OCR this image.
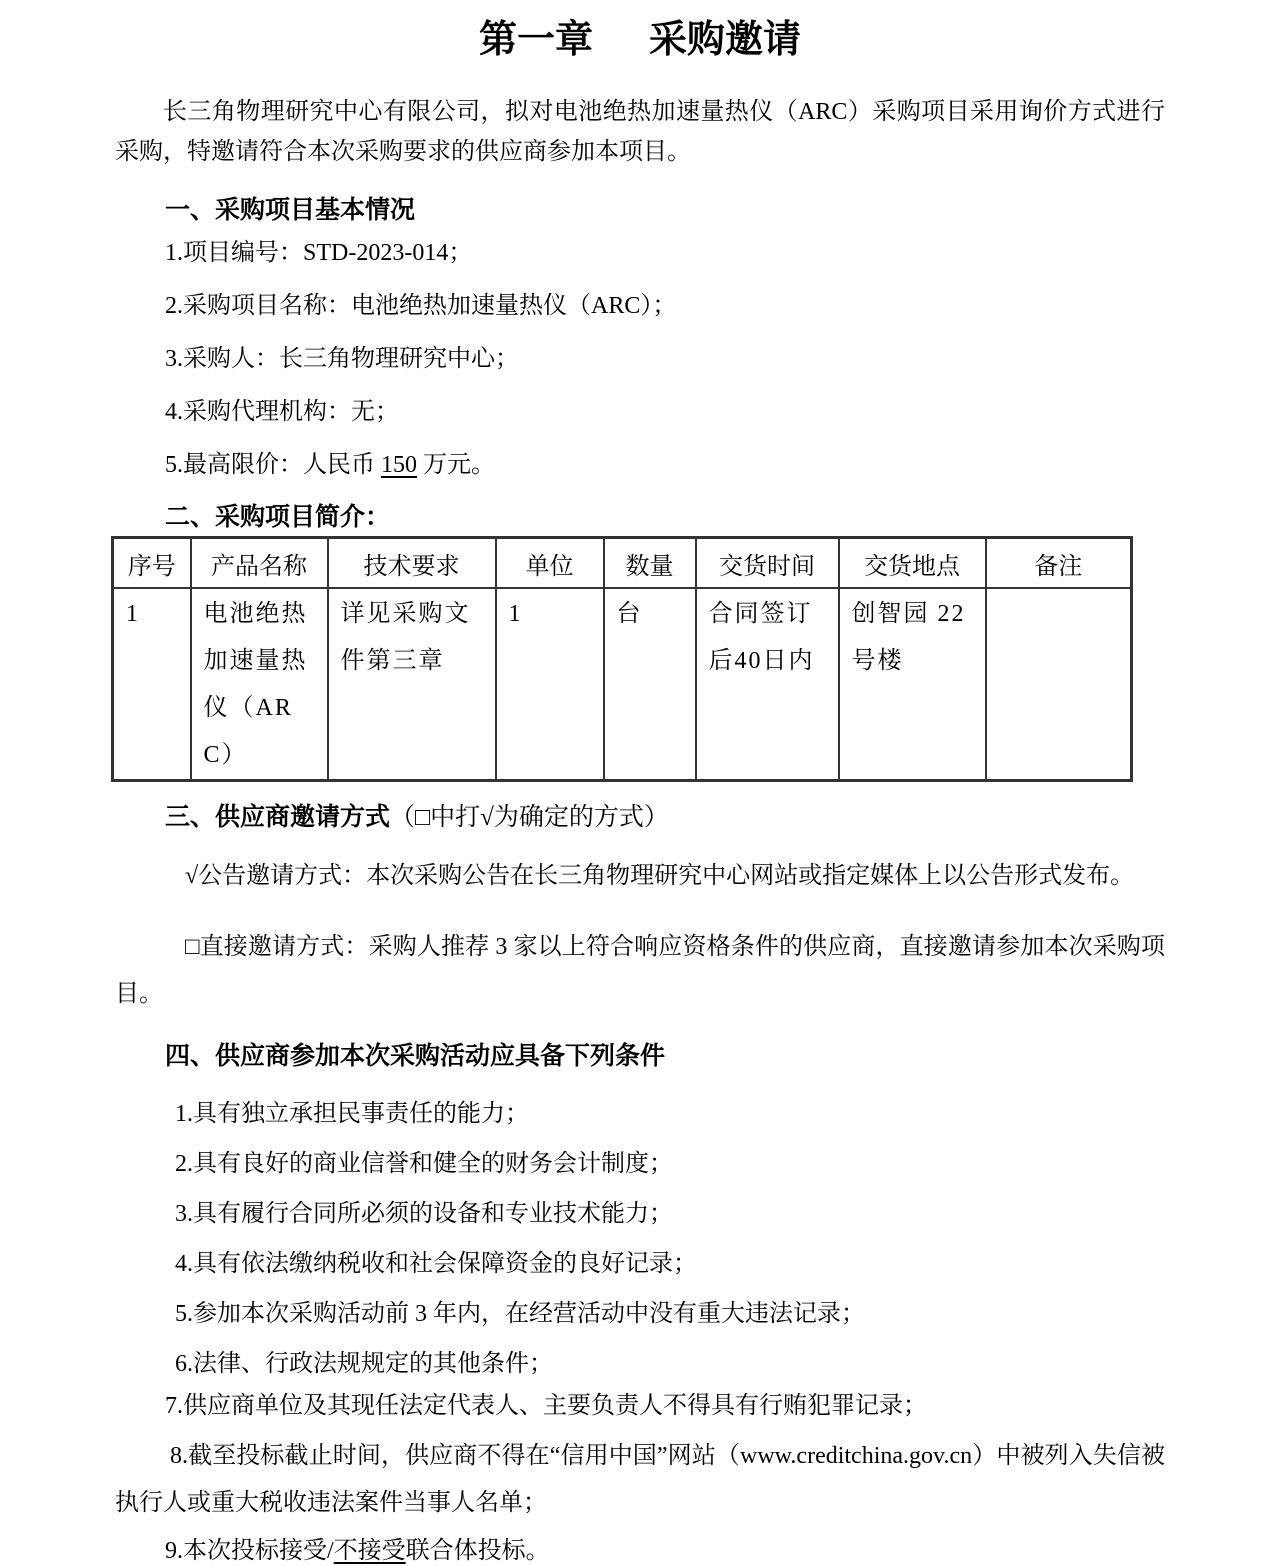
第一章 采购邀请

长三角物理研究中心有限公司，拟对电池绝热加速量热仪（ARC）采购项目采用询价方式进行采购，特邀请符合本次采购要求的供应商参加本项目。

一、采购项目基本情况
1.项目编号：STD-2023-014；
2.采购项目名称：电池绝热加速量热仪（ARC）；
3.采购人：长三角物理研究中心；
4.采购代理机构：无；
5.最高限价：人民币 150 万元。
二、采购项目简介：
序号	产品名称	技术要求	单位	数量	交货时间	交货地点	备注
1	电池绝热加速量热仪（ARC）	详见采购文件第三章	1	台	合同签订后40日内	创智园 22 号楼	
三、供应商邀请方式（□中打√为确定的方式）

√公告邀请方式：本次采购公告在长三角物理研究中心网站或指定媒体上以公告形式发布。

□直接邀请方式：采购人推荐 3 家以上符合响应资格条件的供应商，直接邀请参加本次采购项目。

四、供应商参加本次采购活动应具备下列条件
1.具有独立承担民事责任的能力；
2.具有良好的商业信誉和健全的财务会计制度；
3.具有履行合同所必须的设备和专业技术能力；
4.具有依法缴纳税收和社会保障资金的良好记录；
5.参加本次采购活动前 3 年内，在经营活动中没有重大违法记录；
6.法律、行政法规规定的其他条件；
7.供应商单位及其现任法定代表人、主要负责人不得具有行贿犯罪记录；
8.截至投标截止时间，供应商不得在“信用中国”网站（www.creditchina.gov.cn）中被列入失信被执行人或重大税收违法案件当事人名单；
9.本次投标接受/不接受联合体投标。
